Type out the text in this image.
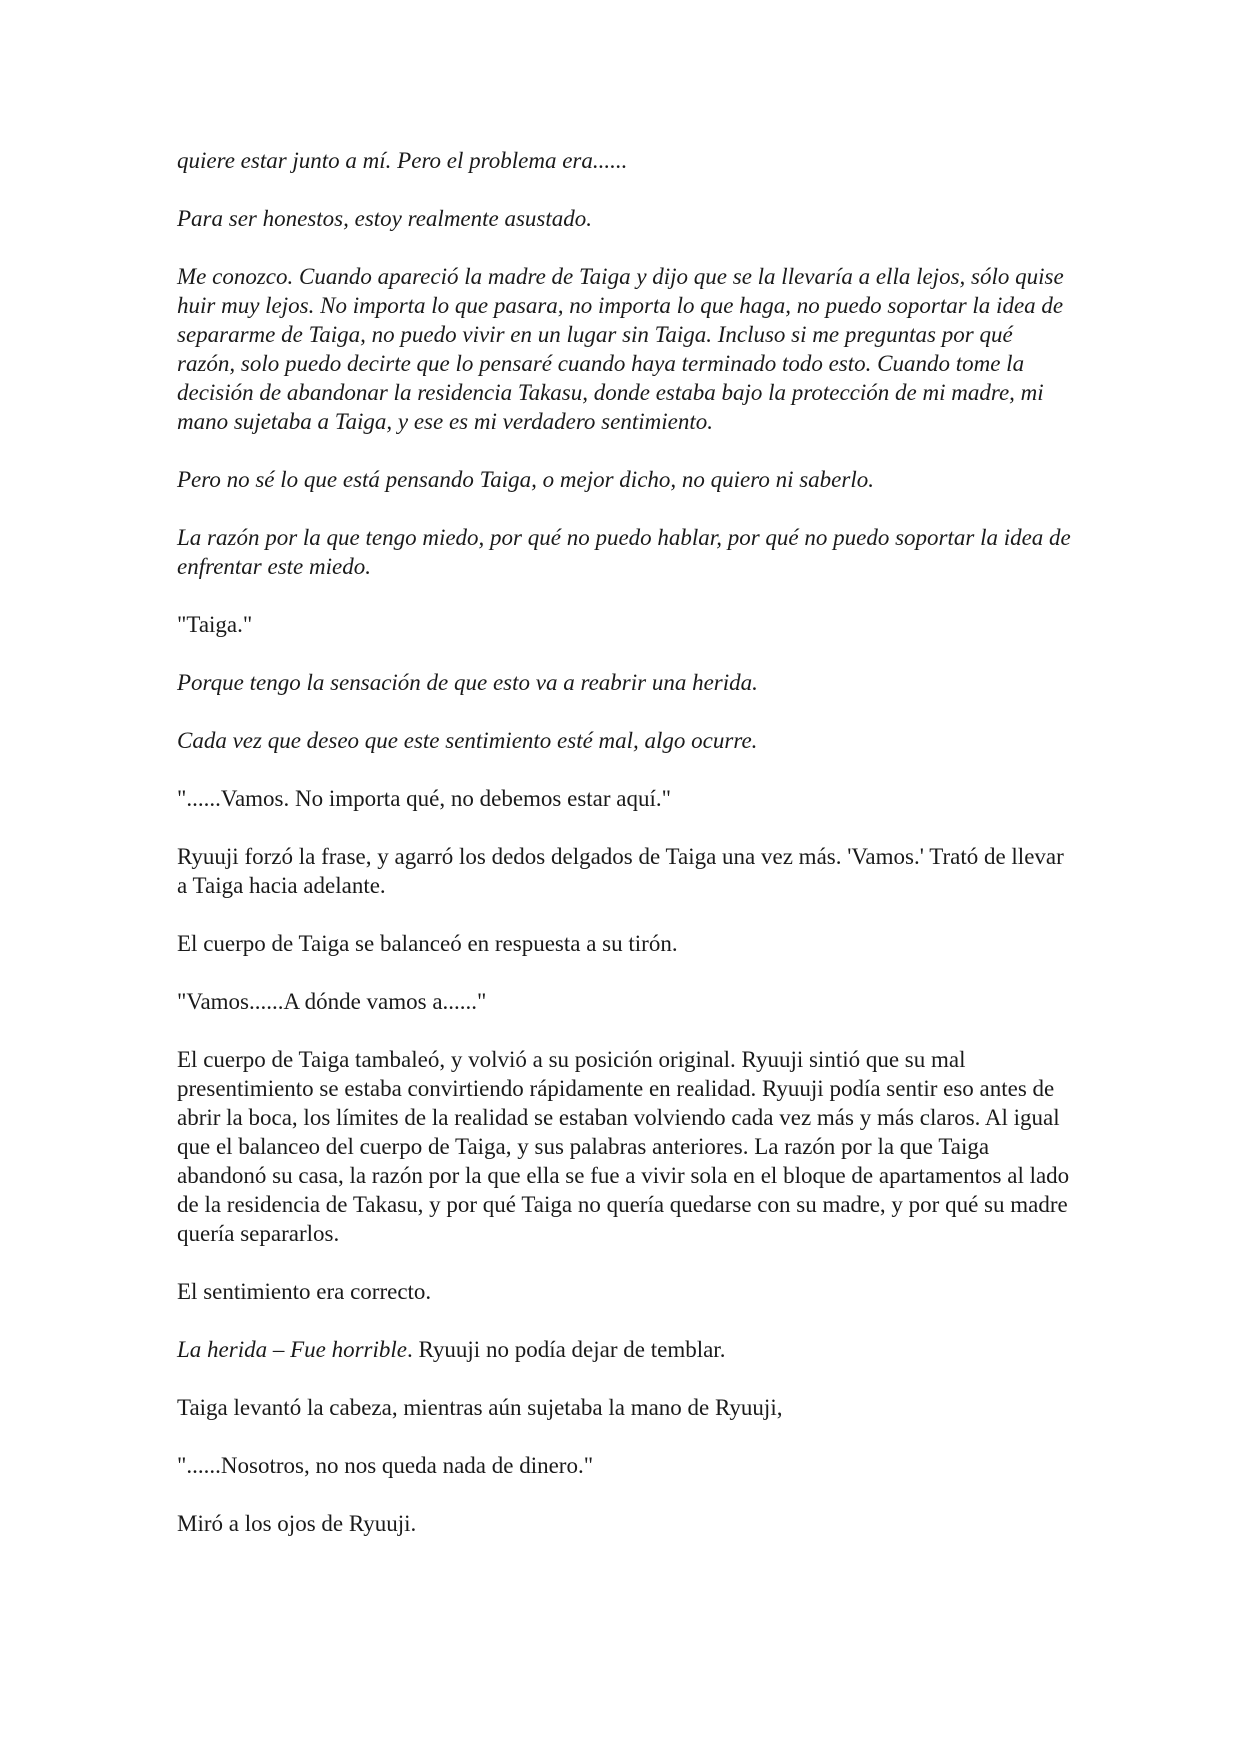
quiere estar junto a mí. Pero el problema era......

Para ser honestos, estoy realmente asustado.

Me conozco. Cuando apareció la madre de Taiga y dijo que se la llevaría a ella lejos, sólo quise huir muy lejos. No importa lo que pasara, no importa lo que haga, no puedo soportar la idea de separarme de Taiga, no puedo vivir en un lugar sin Taiga. Incluso si me preguntas por qué razón, solo puedo decirte que lo pensaré cuando haya terminado todo esto. Cuando tome la decisión de abandonar la residencia Takasu, donde estaba bajo la protección de mi madre, mi mano sujetaba a Taiga, y ese es mi verdadero sentimiento.

Pero no sé lo que está pensando Taiga, o mejor dicho, no quiero ni saberlo.

La razón por la que tengo miedo, por qué no puedo hablar, por qué no puedo soportar la idea de enfrentar este miedo.

"Taiga."

Porque tengo la sensación de que esto va a reabrir una herida.

Cada vez que deseo que este sentimiento esté mal, algo ocurre.

"......Vamos. No importa qué, no debemos estar aquí."

Ryuuji forzó la frase, y agarró los dedos delgados de Taiga una vez más. 'Vamos.' Trató de llevar a Taiga hacia adelante.

El cuerpo de Taiga se balanceó en respuesta a su tirón.

"Vamos......A dónde vamos a......"

El cuerpo de Taiga tambaleó, y volvió a su posición original. Ryuuji sintió que su mal presentimiento se estaba convirtiendo rápidamente en realidad. Ryuuji podía sentir eso antes de abrir la boca, los límites de la realidad se estaban volviendo cada vez más y más claros. Al igual que el balanceo del cuerpo de Taiga, y sus palabras anteriores. La razón por la que Taiga abandonó su casa, la razón por la que ella se fue a vivir sola en el bloque de apartamentos al lado de la residencia de Takasu, y por qué Taiga no quería quedarse con su madre, y por qué su madre quería separarlos.

El sentimiento era correcto.

La herida – Fue horrible. Ryuuji no podía dejar de temblar.

Taiga levantó la cabeza, mientras aún sujetaba la mano de Ryuuji,

"......Nosotros, no nos queda nada de dinero."

Miró a los ojos de Ryuuji.
